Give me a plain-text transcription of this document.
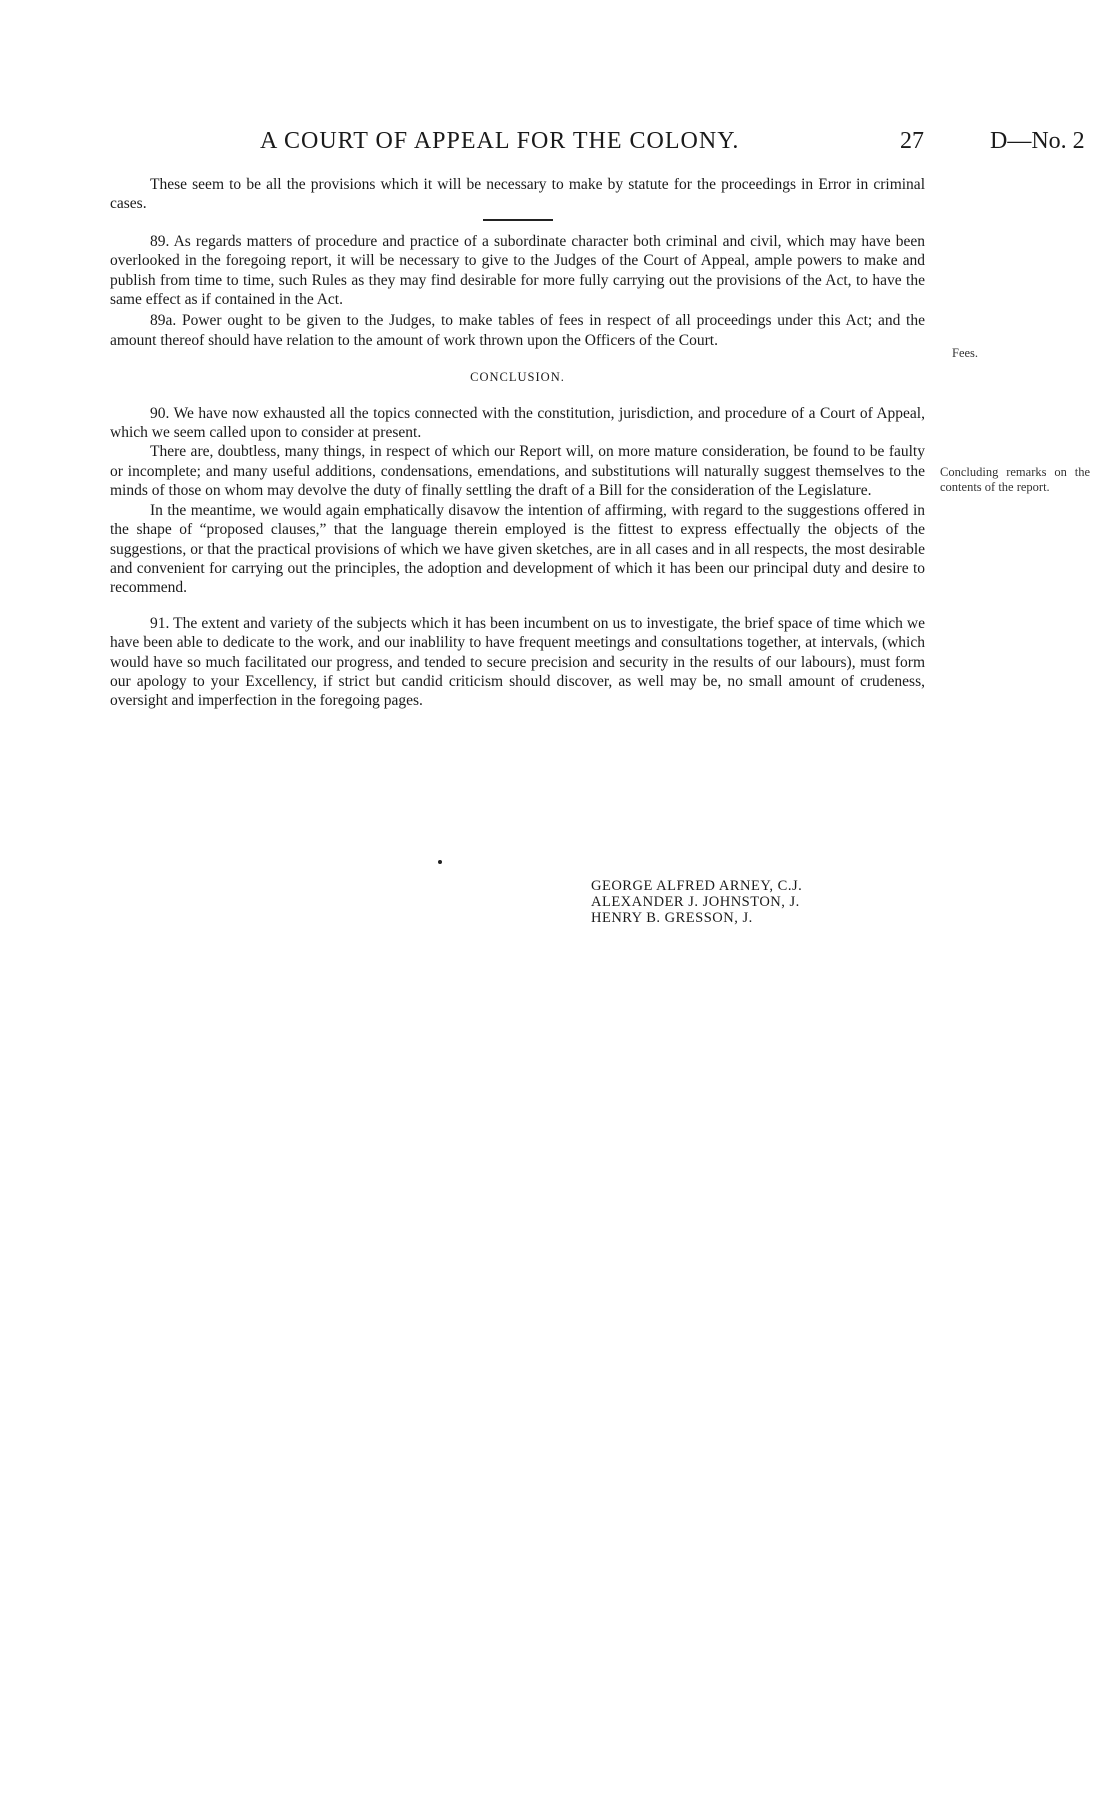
A COURT OF APPEAL FOR THE COLONY.	27	D—No. 2

These seem to be all the provisions which it will be necessary to make by statute for the proceedings in Error in criminal cases.

89. As regards matters of procedure and practice of a subordinate character both criminal and civil, which may have been overlooked in the foregoing report, it will be necessary to give to the Judges of the Court of Appeal, ample powers to make and publish from time to time, such Rules as they may find desirable for more fully carrying out the provisions of the Act, to have the same effect as if contained in the Act.

89a. Power ought to be given to the Judges, to make tables of fees in respect of all proceedings under this Act; and the amount thereof should have relation to the amount of work thrown upon the Officers of the Court.

CONCLUSION.

90. We have now exhausted all the topics connected with the constitution, jurisdiction, and procedure of a Court of Appeal, which we seem called upon to consider at present.

There are, doubtless, many things, in respect of which our Report will, on more mature consideration, be found to be faulty or incomplete; and many useful additions, condensations, emendations, and substitutions will naturally suggest themselves to the minds of those on whom may devolve the duty of finally settling the draft of a Bill for the consideration of the Legislature.

In the meantime, we would again emphatically disavow the intention of affirming, with regard to the suggestions offered in the shape of “proposed clauses,” that the language therein employed is the fittest to express effectually the objects of the suggestions, or that the practical provisions of which we have given sketches, are in all cases and in all respects, the most desirable and convenient for carrying out the principles, the adoption and development of which it has been our principal duty and desire to recommend.

91. The extent and variety of the subjects which it has been incumbent on us to investigate, the brief space of time which we have been able to dedicate to the work, and our inablility to have frequent meetings and consultations together, at intervals, (which would have so much facilitated our progress, and tended to secure precision and security in the results of our labours), must form our apology to your Excellency, if strict but candid criticism should discover, as well may be, no small amount of crudeness, oversight and imperfection in the foregoing pages.

Fees.
Concluding remarks on the contents of the report.
GEORGE ALFRED ARNEY, C.J.
ALEXANDER J. JOHNSTON, J.
HENRY B. GRESSON, J.
